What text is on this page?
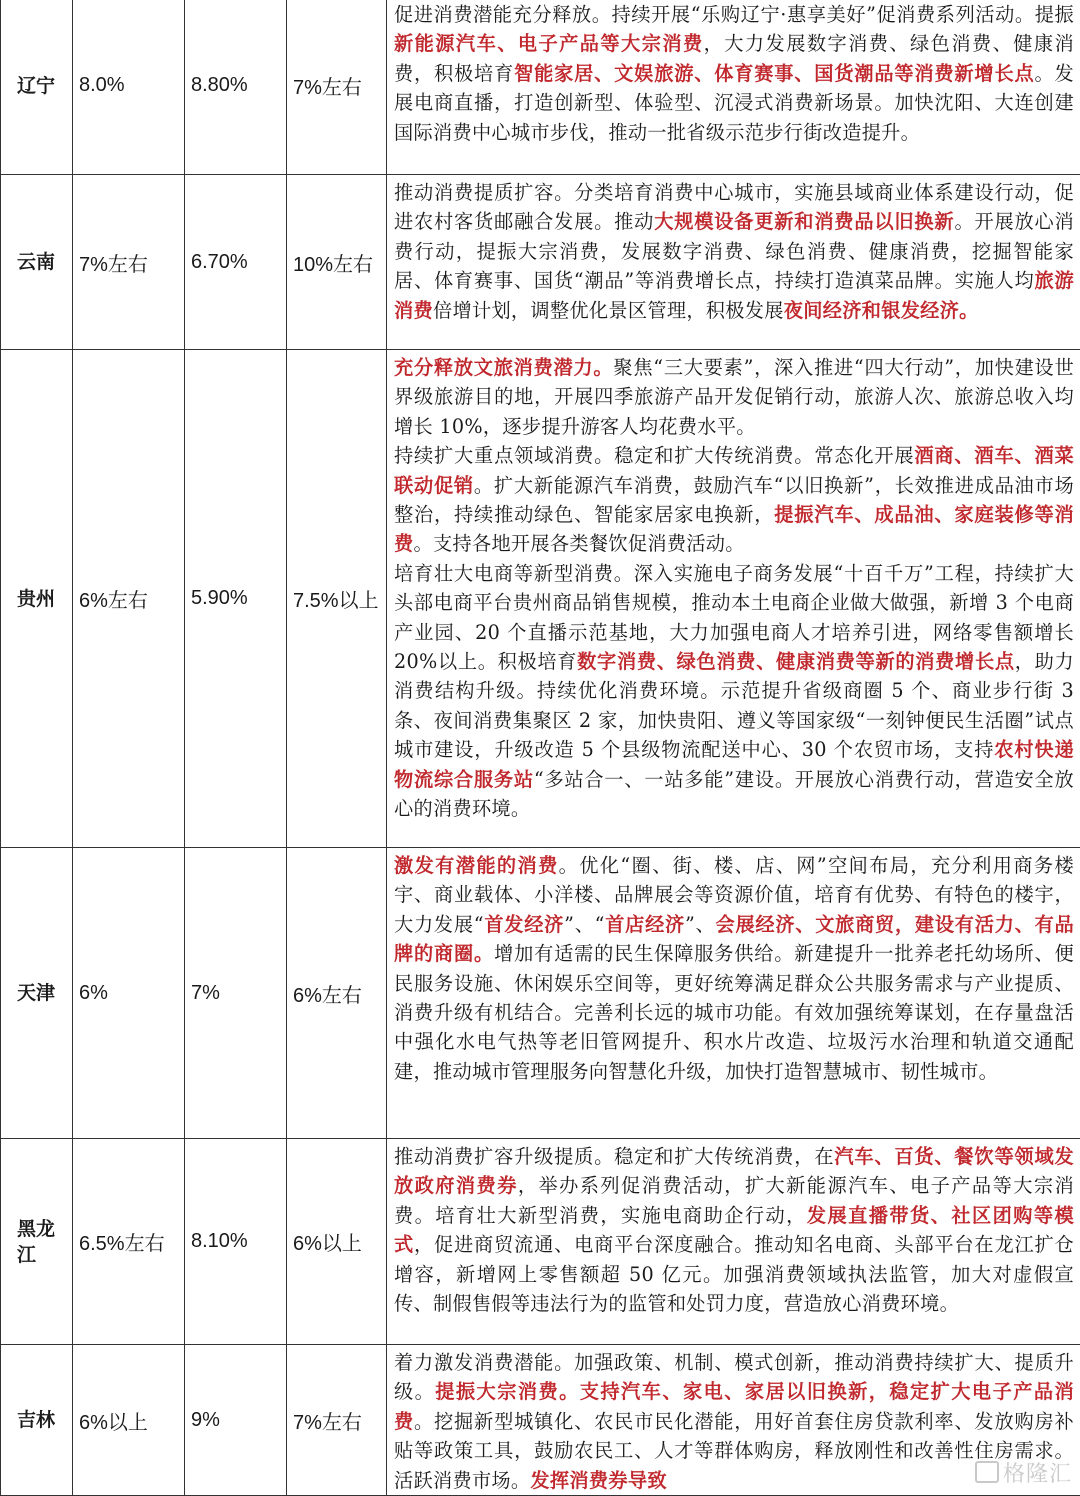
辽宁	8.0%	8.80%	7%左右	促进消费潜能充分释放。持续开展“乐购辽宁·惠享美好”促消费系列活动。提振新能源汽车、电子产品等大宗消费，大力发展数字消费、绿色消费、健康消费，积极培育智能家居、文娱旅游、体育赛事、国货潮品等消费新增长点。发展电商直播，打造创新型、体验型、沉浸式消费新场景。加快沈阳、大连创建国际消费中心城市步伐，推动一批省级示范步行街改造提升。

云南	7%左右	6.70%	10%左右	推动消费提质扩容。分类培育消费中心城市，实施县域商业体系建设行动，促进农村客货邮融合发展。推动大规模设备更新和消费品以旧换新。开展放心消费行动，提振大宗消费，发展数字消费、绿色消费、健康消费，挖掘智能家居、体育赛事、国货“潮品”等消费增长点，持续打造滇菜品牌。实施人均旅游消费倍增计划，调整优化景区管理，积极发展夜间经济和银发经济。

贵州	6%左右	5.90%	7.5%以上	充分释放文旅消费潜力。聚焦“三大要素”，深入推进“四大行动”，加快建设世界级旅游目的地，开展四季旅游产品开发促销行动，旅游人次、旅游总收入均增长 10%，逐步提升游客人均花费水平。
持续扩大重点领域消费。稳定和扩大传统消费。常态化开展酒商、酒车、酒菜联动促销。扩大新能源汽车消费，鼓励汽车“以旧换新”，长效推进成品油市场整治，持续推动绿色、智能家居家电换新，提振汽车、成品油、家庭装修等消费。支持各地开展各类餐饮促消费活动。
培育壮大电商等新型消费。深入实施电子商务发展“十百千万”工程，持续扩大头部电商平台贵州商品销售规模，推动本土电商企业做大做强，新增 3 个电商产业园、20 个直播示范基地，大力加强电商人才培养引进，网络零售额增长 20%以上。积极培育数字消费、绿色消费、健康消费等新的消费增长点，助力消费结构升级。持续优化消费环境。示范提升省级商圈 5 个、商业步行街 3 条、夜间消费集聚区 2 家，加快贵阳、遵义等国家级“一刻钟便民生活圈”试点城市建设，升级改造 5 个县级物流配送中心、30 个农贸市场，支持农村快递物流综合服务站“多站合一、一站多能”建设。开展放心消费行动，营造安全放心的消费环境。

天津	6%	7%	6%左右	激发有潜能的消费。优化“圈、街、楼、店、网”空间布局，充分利用商务楼宇、商业载体、小洋楼、品牌展会等资源价值，培育有优势、有特色的楼宇，大力发展“首发经济”、“首店经济”、会展经济、文旅商贸，建设有活力、有品牌的商圈。增加有适需的民生保障服务供给。新建提升一批养老托幼场所、便民服务设施、休闲娱乐空间等，更好统筹满足群众公共服务需求与产业提质、消费升级有机结合。完善利长远的城市功能。有效加强统筹谋划，在存量盘活中强化水电气热等老旧管网提升、积水片改造、垃圾污水治理和轨道交通配建，推动城市管理服务向智慧化升级，加快打造智慧城市、韧性城市。

黑龙江	6.5%左右	8.10%	6%以上	推动消费扩容升级提质。稳定和扩大传统消费，在汽车、百货、餐饮等领域发放政府消费券，举办系列促消费活动，扩大新能源汽车、电子产品等大宗消费。培育壮大新型消费，实施电商助企行动，发展直播带货、社区团购等模式，促进商贸流通、电商平台深度融合。推动知名电商、头部平台在龙江扩仓增容，新增网上零售额超 50 亿元。加强消费领域执法监管，加大对虚假宣传、制假售假等违法行为的监管和处罚力度，营造放心消费环境。

吉林	6%以上	9%	7%左右	着力激发消费潜能。加强政策、机制、模式创新，推动消费持续扩大、提质升级。提振大宗消费。支持汽车、家电、家居以旧换新，稳定扩大电子产品消费。挖掘新型城镇化、农民市民化潜能，用好首套住房贷款利率、发放购房补贴等政策工具，鼓励农民工、人才等群体购房，释放刚性和改善性住房需求。活跃消费市场。发挥消费券导致	格隆汇
